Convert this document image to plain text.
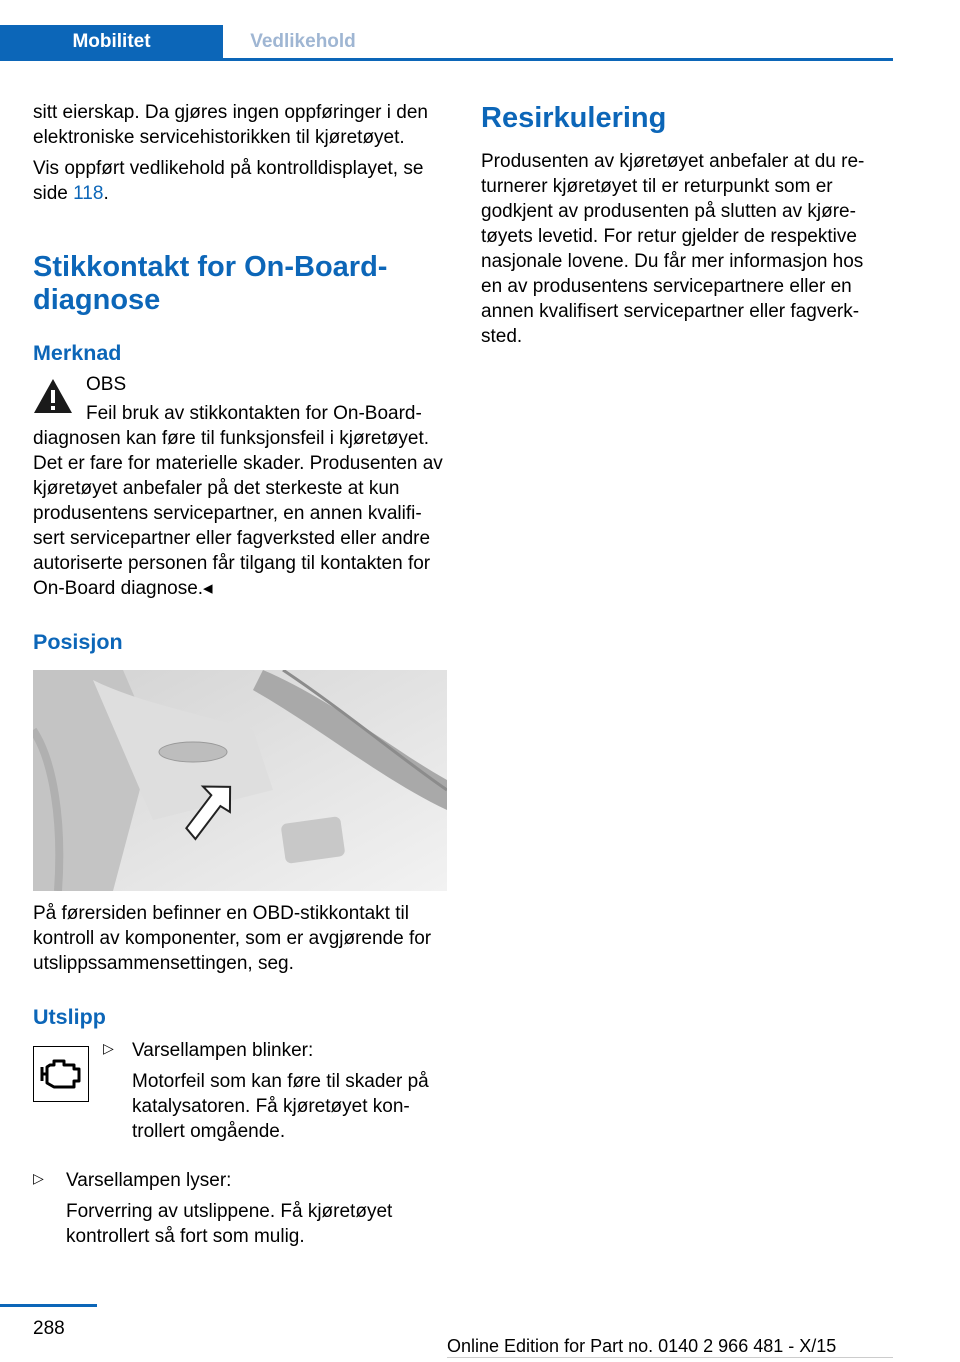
Mobilitet	Vedlikehold

sitt eierskap. Da gjøres ingen oppføringer i den elektroniske servicehistorikken til kjøretøyet.

Vis oppført vedlikehold på kontrolldisplayet, se side 118.

Stikkontakt for On-Board-
diagnose
Merknad

OBS

Feil bruk av stikkontakten for On-Board-diagnosen kan føre til funksjonsfeil i kjøretøyet. Det er fare for materielle skader. Produsenten av kjøretøyet anbefaler på det sterkeste at kun produsentens servicepartner, en annen kvalifi-sert servicepartner eller fagverksted eller andre autoriserte personen får tilgang til kontakten for On-Board diagnose.◂

Posisjon

På førersiden befinner en OBD-stikkontakt til kontroll av komponenter, som er avgjørende for utslippssammensettingen, seg.

Utslipp
▷ Varsellampen blinker:

Motorfeil som kan føre til skader på katalysatoren. Få kjøretøyet kon-trollert omgående.

▷ Varsellampen lyser:

Forverring av utslippene. Få kjøretøyet kontrollert så fort som mulig.

Resirkulering

Produsenten av kjøretøyet anbefaler at du re-turnerer kjøretøyet til er returpunkt som er godkjent av produsenten på slutten av kjøre-tøyets levetid. For retur gjelder de respektive nasjonale lovene. Du får mer informasjon hos en av produsentens servicepartnere eller en annen kvalifisert servicepartner eller fagverk-sted.

288
Online Edition for Part no. 0140 2 966 481 - X/15
